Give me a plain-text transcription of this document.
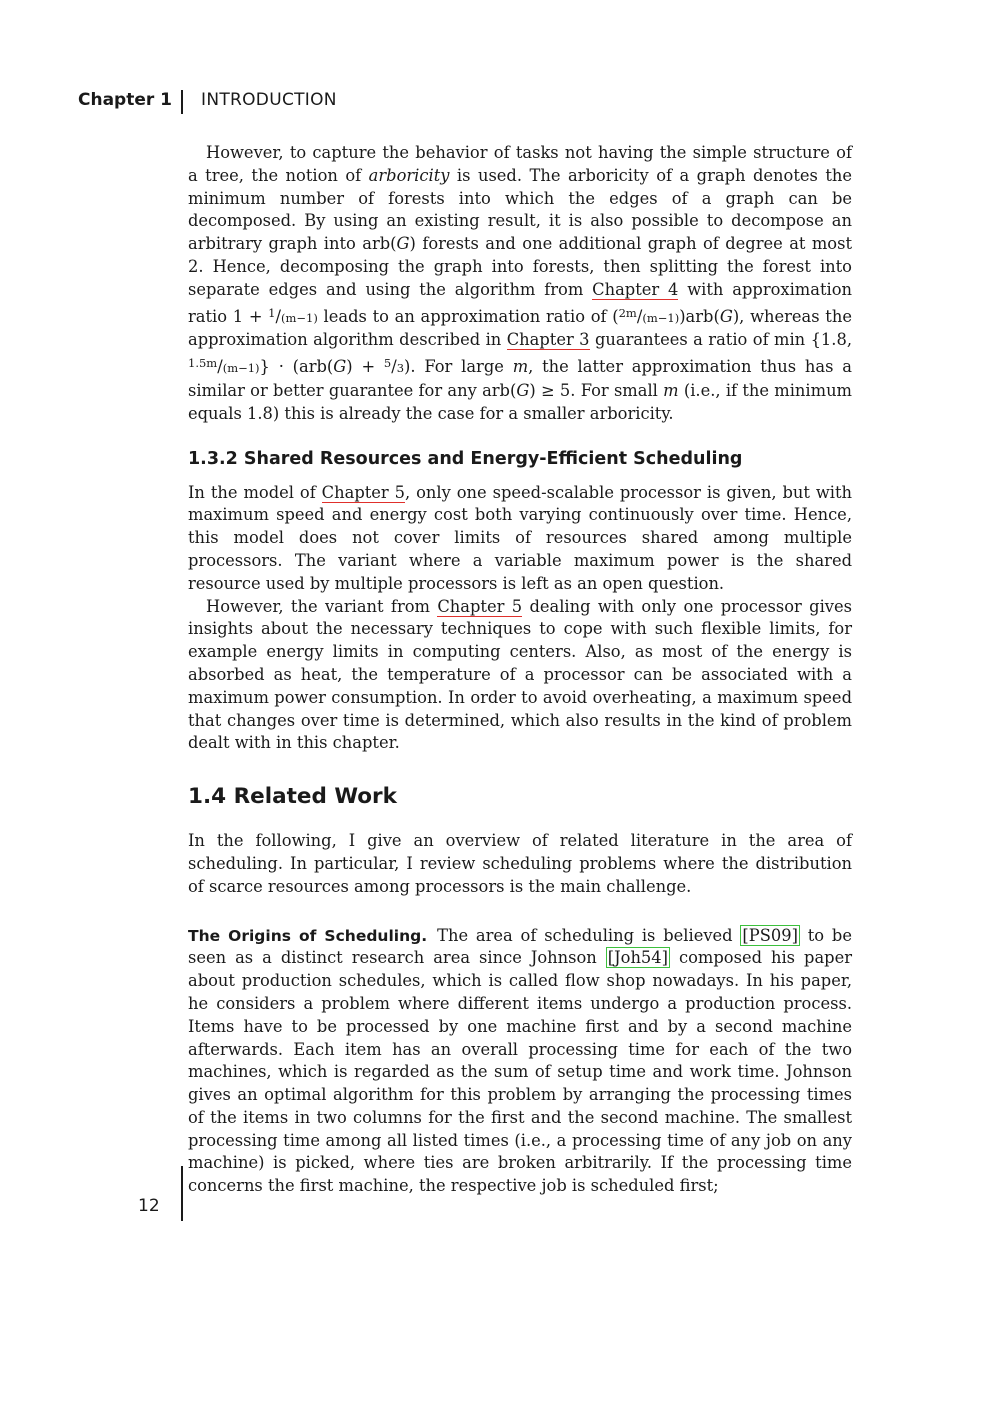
Chapter 1 INTRODUCTION

However, to capture the behavior of tasks not having the simple structure of a tree, the notion of arboricity is used. The arboricity of a graph denotes the minimum number of forests into which the edges of a graph can be decomposed. By using an existing result, it is also possible to decompose an arbitrary graph into arb(G) forests and one additional graph of degree at most 2. Hence, decomposing the graph into forests, then splitting the forest into separate edges and using the algorithm from Chapter 4 with approximation ratio 1 + $^1$/(m−1) leads to an approximation ratio of ($^{2m}$/(m−1))arb(G), whereas the approximation algorithm described in Chapter 3 guarantees a ratio of min {1.8, $^{1.5m}$/(m−1)} · (arb(G) + $^5$/3). For large m, the latter approximation thus has a similar or better guarantee for any arb(G) ≥ 5. For small m (i.e., if the minimum equals 1.8) this is already the case for a smaller arboricity.

1.3.2 Shared Resources and Energy-Efficient Scheduling

In the model of Chapter 5, only one speed-scalable processor is given, but with maximum speed and energy cost both varying continuously over time. Hence, this model does not cover limits of resources shared among multiple processors. The variant where a variable maximum power is the shared resource used by multiple processors is left as an open question.

However, the variant from Chapter 5 dealing with only one processor gives insights about the necessary techniques to cope with such flexible limits, for example energy limits in computing centers. Also, as most of the energy is absorbed as heat, the temperature of a processor can be associated with a maximum power consumption. In order to avoid overheating, a maximum speed that changes over time is determined, which also results in the kind of problem dealt with in this chapter.

1.4 Related Work

In the following, I give an overview of related literature in the area of scheduling. In particular, I review scheduling problems where the distribution of scarce resources among processors is the main challenge.

The Origins of Scheduling. The area of scheduling is believed [PS09] to be seen as a distinct research area since Johnson [Joh54] composed his paper about production schedules, which is called flow shop nowadays. In his paper, he considers a problem where different items undergo a production process. Items have to be processed by one machine first and by a second machine afterwards. Each item has an overall processing time for each of the two machines, which is regarded as the sum of setup time and work time. Johnson gives an optimal algorithm for this problem by arranging the processing times of the items in two columns for the first and the second machine. The smallest processing time among all listed times (i.e., a processing time of any job on any machine) is picked, where ties are broken arbitrarily. If the processing time concerns the first machine, the respective job is scheduled first;

12
